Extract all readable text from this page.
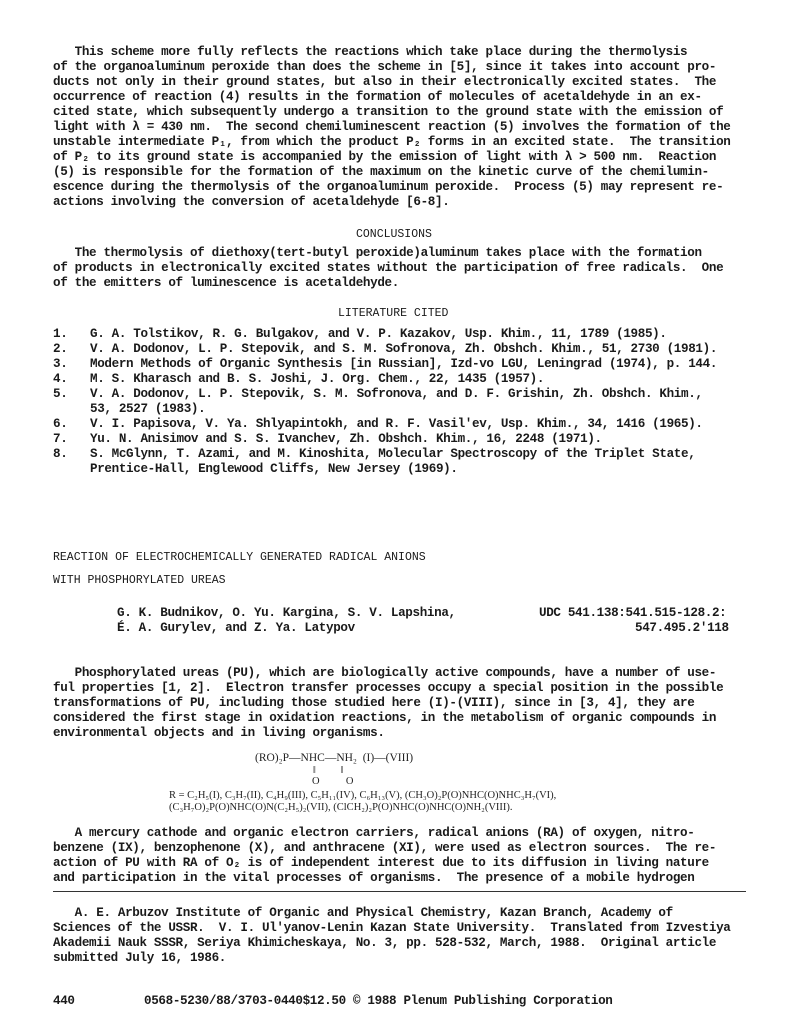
This scheme more fully reflects the reactions which take place during the thermolysis
of the organoaluminum peroxide than does the scheme in [5], since it takes into account pro-
ducts not only in their ground states, but also in their electronically excited states.  The
occurrence of reaction (4) results in the formation of molecules of acetaldehyde in an ex-
cited state, which subsequently undergo a transition to the ground state with the emission of
light with λ = 430 nm.  The second chemiluminescent reaction (5) involves the formation of the
unstable intermediate P₁, from which the product P₂ forms in an excited state.  The transition
of P₂ to its ground state is accompanied by the emission of light with λ > 500 nm.  Reaction
(5) is responsible for the formation of the maximum on the kinetic curve of the chemilumin-
escence during the thermolysis of the organoaluminum peroxide.  Process (5) may represent re-
actions involving the conversion of acetaldehyde [6-8].
CONCLUSIONS
The thermolysis of diethoxy(tert-butyl peroxide)aluminum takes place with the formation
of products in electronically excited states without the participation of free radicals.  One
of the emitters of luminescence is acetaldehyde.
LITERATURE CITED
1. G. A. Tolstikov, R. G. Bulgakov, and V. P. Kazakov, Usp. Khim., 11, 1789 (1985).
2. V. A. Dodonov, L. P. Stepovik, and S. M. Sofronova, Zh. Obshch. Khim., 51, 2730 (1981).
3. Modern Methods of Organic Synthesis [in Russian], Izd-vo LGU, Leningrad (1974), p. 144.
4. M. S. Kharasch and B. S. Joshi, J. Org. Chem., 22, 1435 (1957).
5. V. A. Dodonov, L. P. Stepovik, S. M. Sofronova, and D. F. Grishin, Zh. Obshch. Khim.,
53, 2527 (1983).
6. V. I. Papisova, V. Ya. Shlyapintokh, and R. F. Vasil'ev, Usp. Khim., 34, 1416 (1965).
7. Yu. N. Anisimov and S. S. Ivanchev, Zh. Obshch. Khim., 16, 2248 (1971).
8. S. McGlynn, T. Azami, and M. Kinoshita, Molecular Spectroscopy of the Triplet State,
Prentice-Hall, Englewood Cliffs, New Jersey (1969).
REACTION OF ELECTROCHEMICALLY GENERATED RADICAL ANIONS
WITH PHOSPHORYLATED UREAS
G. K. Budnikov, O. Yu. Kargina, S. V. Lapshina,
É. A. Gurylev, and Z. Ya. Latypov
UDC 541.138:541.515-128.2:
547.495.2'118
Phosphorylated ureas (PU), which are biologically active compounds, have a number of use-
ful properties [1, 2].  Electron transfer processes occupy a special position in the possible
transformations of PU, including those studied here (I)-(VIII), since in [3, 4], they are
considered the first stage in oxidation reactions, in the metabolism of organic compounds in
environmental objects and in living organisms.
(RO)₂P—NHC—NH₂  (I)—(VIII)
‖          ‖
O          O
R = C₂H₅(I), C₃H₇(II), C₄H₉(III), C₅H₁₁(IV), C₆H₁₃(V), (CH₃O)₂P(O)NHC(O)NHC₃H₇(VI),
(C₃H₇O)₂P(O)NHC(O)N(C₂H₅)₂(VII), (ClCH₂)₂P(O)NHC(O)NHC(O)NH₂(VIII).
A mercury cathode and organic electron carriers, radical anions (RA) of oxygen, nitro-
benzene (IX), benzophenone (X), and anthracene (XI), were used as electron sources.  The re-
action of PU with RA of O₂ is of independent interest due to its diffusion in living nature
and participation in the vital processes of organisms.  The presence of a mobile hydrogen
A. E. Arbuzov Institute of Organic and Physical Chemistry, Kazan Branch, Academy of
Sciences of the USSR.  V. I. Ul'yanov-Lenin Kazan State University.  Translated from Izvestiya
Akademii Nauk SSSR, Seriya Khimicheskaya, No. 3, pp. 528-532, March, 1988.  Original article
submitted July 16, 1986.
440	0568-5230/88/3703-0440$12.50 © 1988 Plenum Publishing Corporation
